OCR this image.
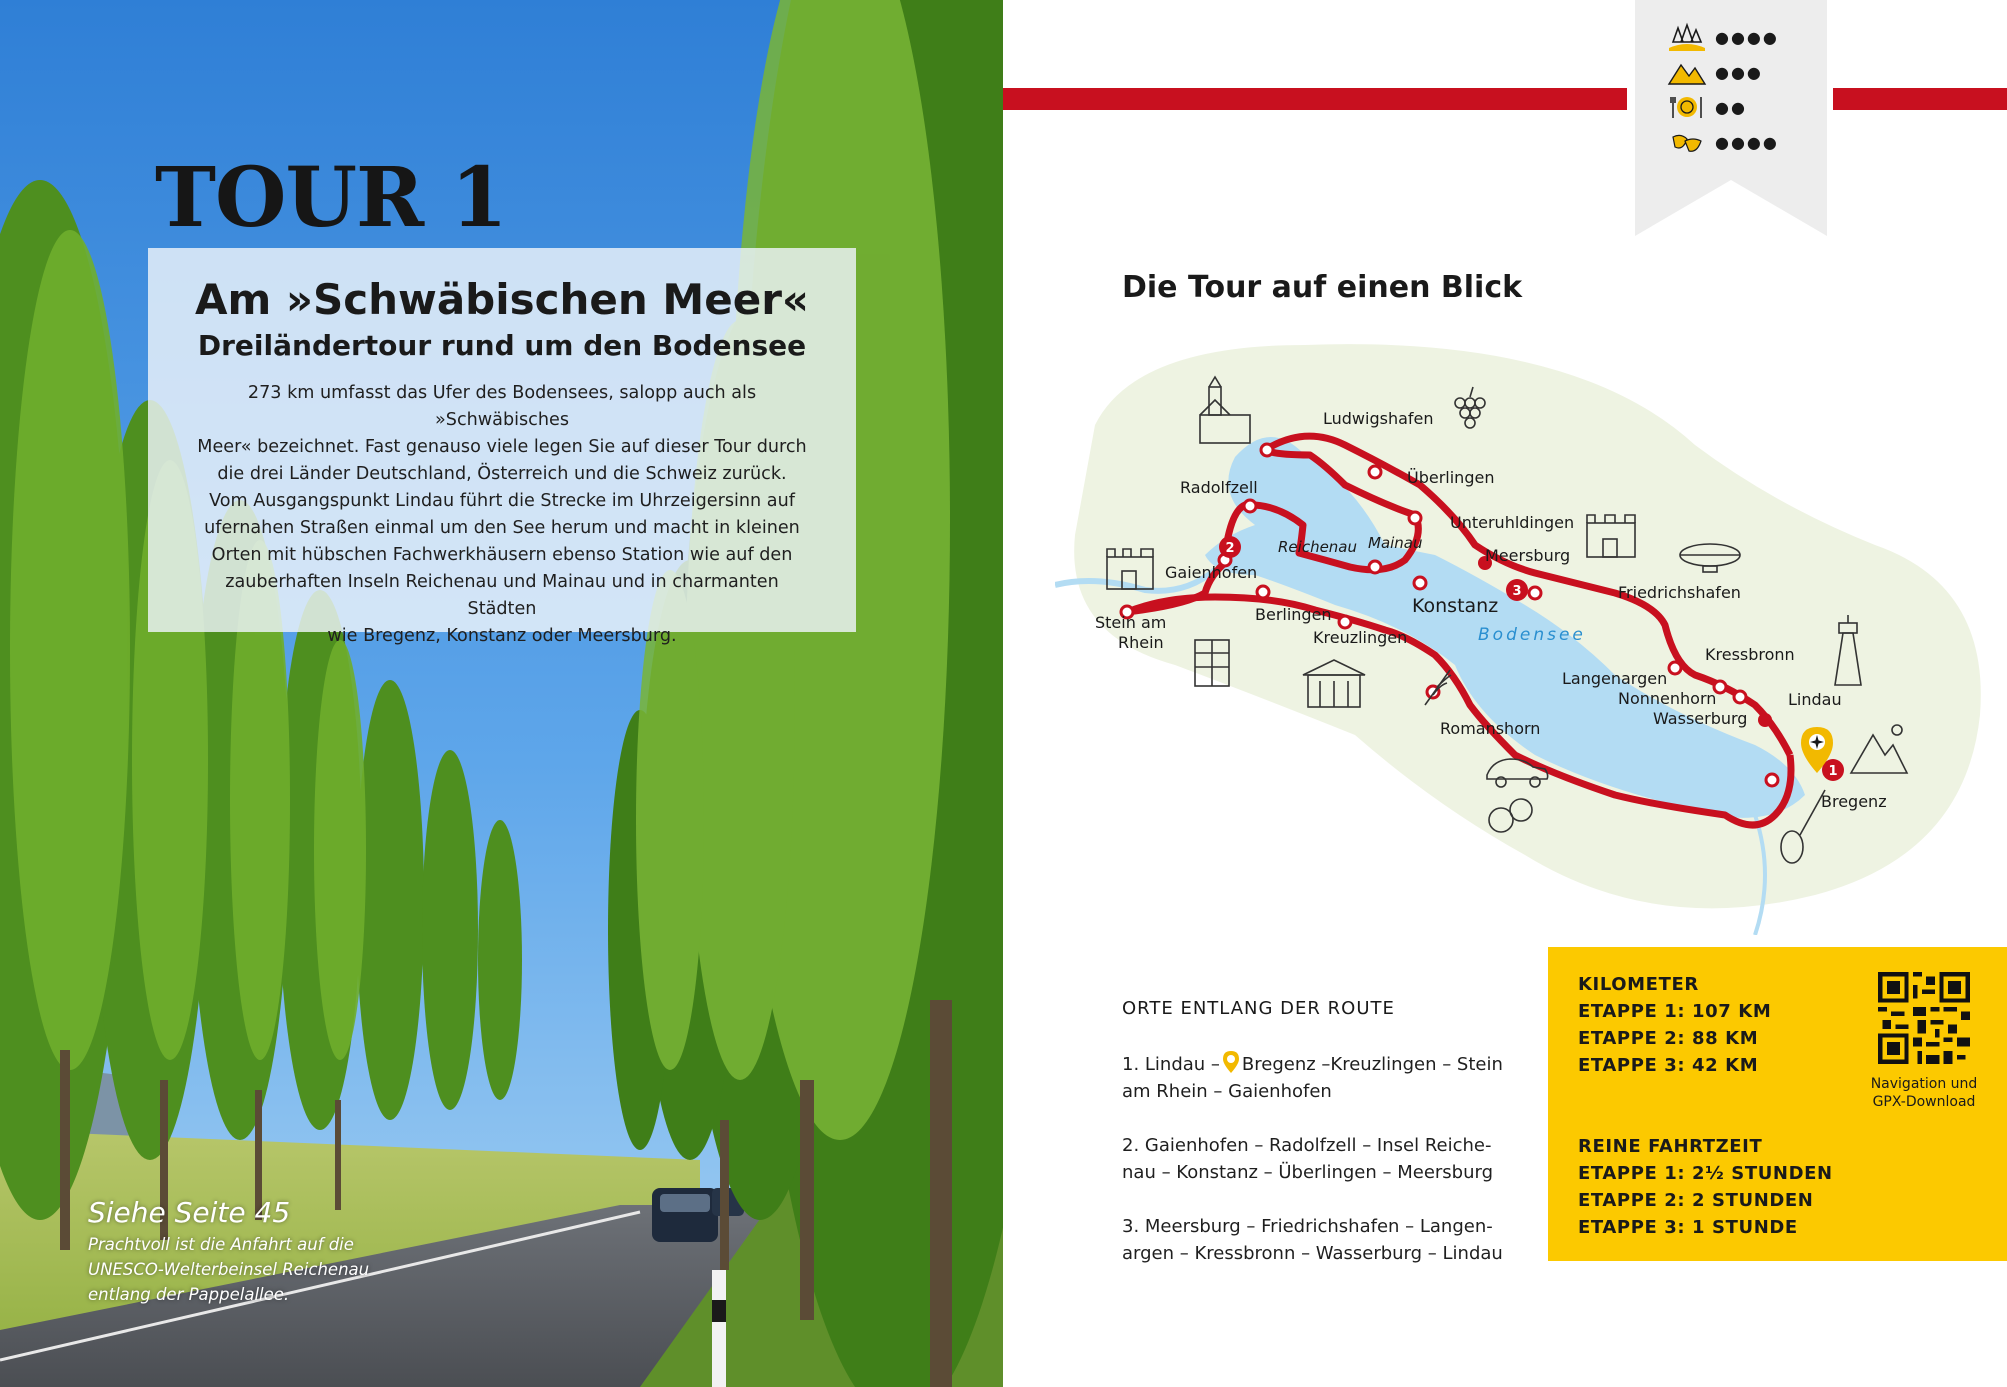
TOUR 1
Am »Schwäbischen Meer«
Dreiländertour rund um den Bodensee
273 km umfasst das Ufer des Bodensees, salopp auch als »Schwäbisches
Meer« bezeichnet. Fast genauso viele legen Sie auf dieser Tour durch
die drei Länder Deutschland, Österreich und die Schweiz zurück.
Vom Ausgangspunkt Lindau führt die Strecke im Uhrzeigersinn auf
ufernahen Straßen einmal um den See herum und macht in kleinen
Orten mit hübschen Fachwerkhäusern ebenso Station wie auf den
zauberhaften Inseln Reichenau und Mainau und in charmanten Städten
wie Bregenz, Konstanz oder Meersburg.
Siehe Seite 45
Prachtvoll ist die Anfahrt auf die
UNESCO-Welterbeinsel Reichenau
entlang der Pappelallee.
●●●●
●●●
●●
●●●●
Die Tour auf einen Blick
2
3
1
Ludwigshafen
Überlingen
Radolfzell
Unteruhldingen
Reichenau Mainau
Meersburg
Gaienhofen
Friedrichshafen
Konstanz
Stein am
Rhein
Berlingen
Kreuzlingen	Bodensee
Kressbronn
Langenargen
Lindau
Nonnenhorn
Wasserburg
Romanshorn
Bregenz
ORTE ENTLANG DER ROUTE
1. Lindau – Bregenz –Kreuzlingen – Stein
am Rhein – Gaienhofen
2. Gaienhofen – Radolfzell – Insel Reiche-
nau – Konstanz – Überlingen – Meersburg
3. Meersburg – Friedrichshafen – Langen-
argen – Kressbronn – Wasserburg – Lindau
KILOMETER
ETAPPE 1: 107 KM
ETAPPE 2: 88 KM
ETAPPE 3: 42 KM
REINE FAHRTZEIT
ETAPPE 1: 2½ STUNDEN
ETAPPE 2: 2 STUNDEN
ETAPPE 3: 1 STUNDE
Navigation und
GPX-Download
